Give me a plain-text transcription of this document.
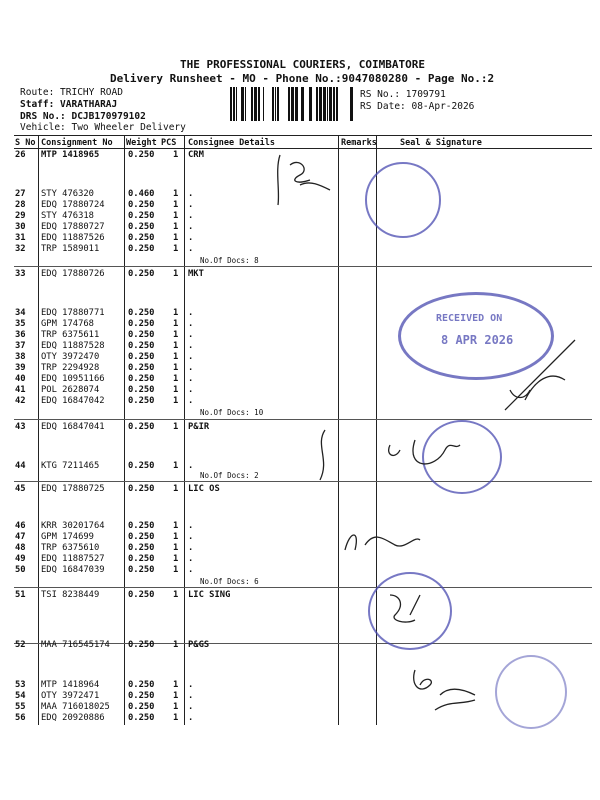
THE PROFESSIONAL COURIERS, COIMBATORE
Delivery Runsheet - MO - Phone No.:9047080280 - Page No.:2
Route: TRICHY ROAD
Staff: VARATHARAJ
DRS No.: DCJB170979102
Vehicle: Two Wheeler Delivery
RS No.: 1709791
RS Date: 08-Apr-2026
S No Consignment No Weight PCS Consignee Details	Remarks	Seal & Signature
26 MTP 1418965	0.250 1 CRM
27 STY 476320	0.460 1 .
28 EDQ 17880724	0.250 1 .
29 STY 476318	0.250 1 .
30 EDQ 17880727	0.250 1 .
31 EDQ 11887526	0.250 1 .
32 TRP 1589011	0.250 1 .
33 EDQ 17880726	0.250 1 MKT
34 EDQ 17880771	0.250 1 .
35 GPM 174768	0.250 1 .
36 TRP 6375611	0.250 1 .
37 EDQ 11887528	0.250 1 .
38 OTY 3972470	0.250 1 .
39 TRP 2294928	0.250 1 .
40 EDQ 10951166	0.250 1 .
41 POL 2628074	0.250 1 .
42 EDQ 16847042	0.250 1 .
43 EDQ 16847041	0.250 1 P&IR
44 KTG 7211465	0.250 1 .
45 EDQ 17880725	0.250 1 LIC OS
46 KRR 30201764	0.250 1 .
47 GPM 174699	0.250 1 .
48 TRP 6375610	0.250 1 .
49 EDQ 11887527	0.250 1 .
50 EDQ 16847039	0.250 1 .
51 TSI 8238449	0.250 1 LIC SING
52 MAA 716545174 0.250 1 P&GS
53 MTP 1418964	0.250 1 .
54 OTY 3972471	0.250 1 .
55 MAA 716018025 0.250 1 .
56 EDQ 20920886	0.250 1 .
No.Of Docs: 8
No.Of Docs: 10
No.Of Docs: 2
No.Of Docs: 6
RECEIVED ON
8 APR 2026
